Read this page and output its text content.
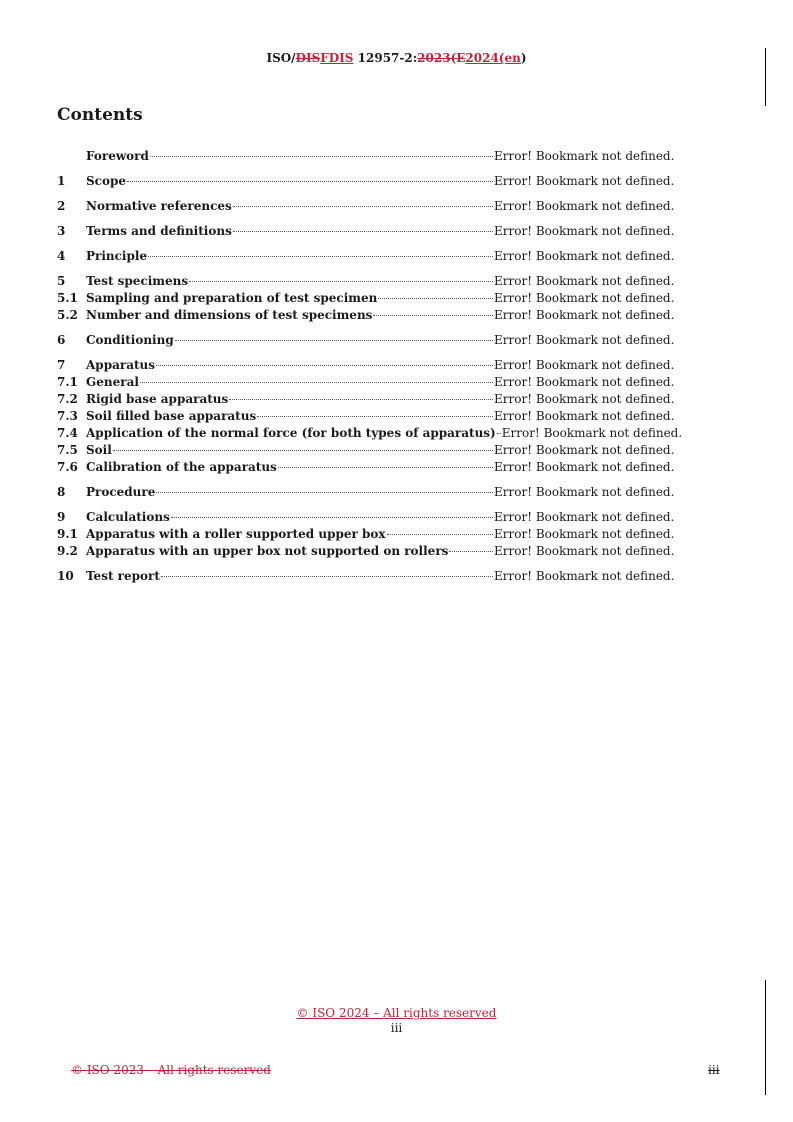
ISO/DISFDIS 12957-2:2023(E2024(en)
Contents
Foreword	Error! Bookmark not defined.
1	Scope	Error! Bookmark not defined.
2	Normative references	Error! Bookmark not defined.
3	Terms and definitions	Error! Bookmark not defined.
4	Principle	Error! Bookmark not defined.
5	Test specimens	Error! Bookmark not defined.
5.1 Sampling and preparation of test specimen	Error! Bookmark not defined.
5.2 Number and dimensions of test specimens	Error! Bookmark not defined.
6	Conditioning	Error! Bookmark not defined.
7	Apparatus	Error! Bookmark not defined.
7.1 General	Error! Bookmark not defined.
7.2 Rigid base apparatus	Error! Bookmark not defined.
7.3 Soil filled base apparatus	Error! Bookmark not defined.
7.4 Application of the normal force (for both types of apparatus) Error! Bookmark not defined.
7.5 Soil	Error! Bookmark not defined.
7.6 Calibration of the apparatus	Error! Bookmark not defined.
8	Procedure	Error! Bookmark not defined.
9	Calculations	Error! Bookmark not defined.
9.1 Apparatus with a roller supported upper box	Error! Bookmark not defined.
9.2 Apparatus with an upper box not supported on rollers	Error! Bookmark not defined.
10	Test report	Error! Bookmark not defined.
© ISO 2024 – All rights reserved
iii
© ISO 2023 – All rights reserved	iii
